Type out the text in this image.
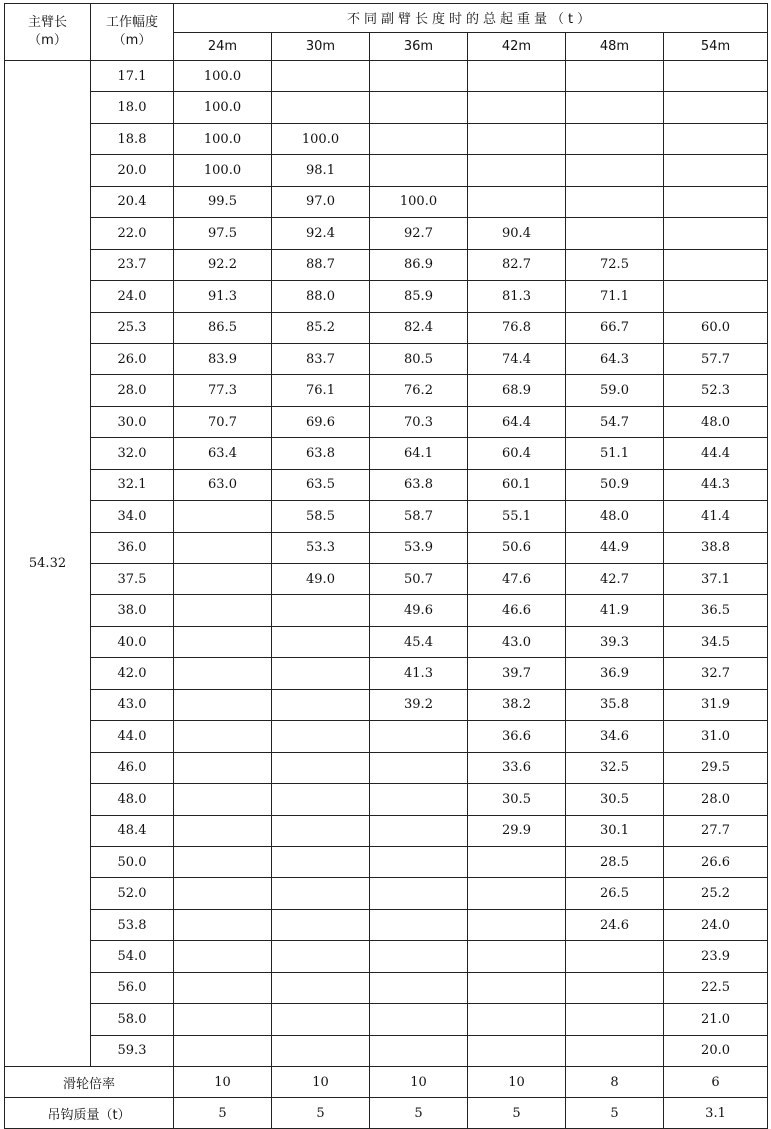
主臂长
（m）	工作幅度
（m）	不同副臂长度时的总起重量（t）					
		24m	30m	36m	42m	48m	54m
54.32	17.1	100.0					
	18.0	100.0					
	18.8	100.0	100.0				
	20.0	100.0	98.1				
	20.4	99.5	97.0	100.0			
	22.0	97.5	92.4	92.7	90.4		
	23.7	92.2	88.7	86.9	82.7	72.5	
	24.0	91.3	88.0	85.9	81.3	71.1	
	25.3	86.5	85.2	82.4	76.8	66.7	60.0
	26.0	83.9	83.7	80.5	74.4	64.3	57.7
	28.0	77.3	76.1	76.2	68.9	59.0	52.3
	30.0	70.7	69.6	70.3	64.4	54.7	48.0
	32.0	63.4	63.8	64.1	60.4	51.1	44.4
	32.1	63.0	63.5	63.8	60.1	50.9	44.3
	34.0		58.5	58.7	55.1	48.0	41.4
	36.0		53.3	53.9	50.6	44.9	38.8
	37.5		49.0	50.7	47.6	42.7	37.1
	38.0			49.6	46.6	41.9	36.5
	40.0			45.4	43.0	39.3	34.5
	42.0			41.3	39.7	36.9	32.7
	43.0			39.2	38.2	35.8	31.9
	44.0				36.6	34.6	31.0
	46.0				33.6	32.5	29.5
	48.0				30.5	30.5	28.0
	48.4				29.9	30.1	27.7
	50.0					28.5	26.6
	52.0					26.5	25.2
	53.8					24.6	24.0
	54.0						23.9
	56.0						22.5
	58.0						21.0
	59.3						20.0
滑轮倍率		10	10	10	10	8	6
吊钩质量（t）		5	5	5	5	5	3.1
